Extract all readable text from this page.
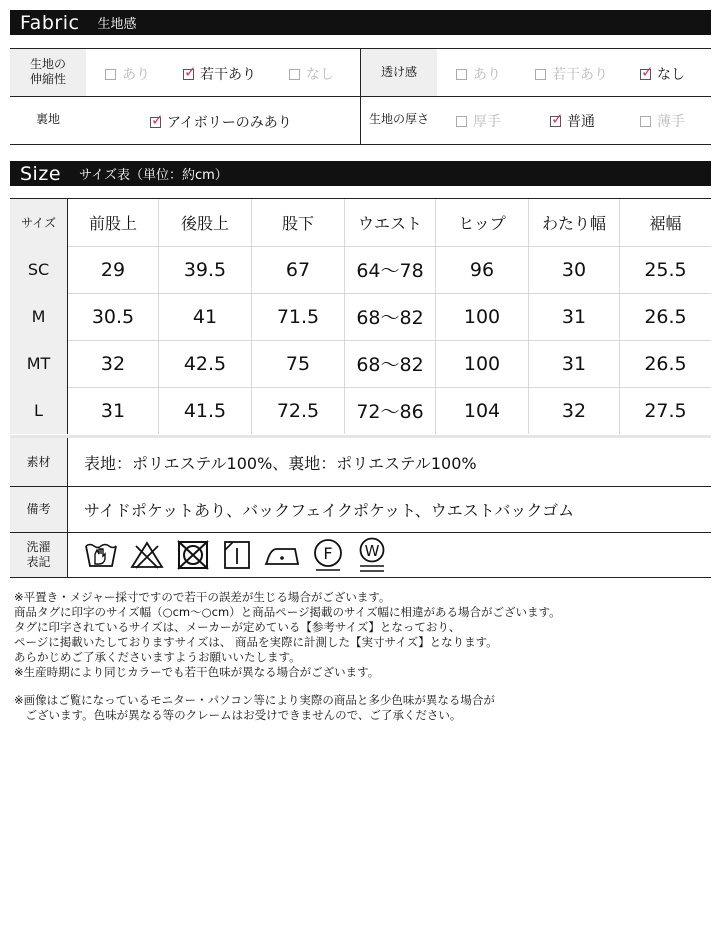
Fabric 生地感
生地の
伸縮性	あり ✓ 若干あり	なし	透け感	あり	若干あり ✓ なし
裏地	✓ アイボリーのみあり	生地の厚さ	厚手	✓ 普通	薄手
Size サイズ表（単位：約cm）
サイズ	前股上	後股上	股下	ウエスト	ヒップ	わたり幅	裾幅
SC	29	39.5	67	64〜78	96	30	25.5
M	30.5	41	71.5	68〜82	100	31	26.5
MT	32	42.5	75	68〜82	100	31	26.5
L	31	41.5	72.5	72〜86	104	32	27.5
素材	表地：ポリエステル100%、裏地：ポリエステル100%
備考	サイドポケットあり、バックフェイクポケット、ウエストバックゴム
洗濯
表記	F W

※平置き・メジャー採寸ですので若干の誤差が生じる場合がございます。

商品タグに印字のサイズ幅（○cm〜○cm）と商品ページ掲載のサイズ幅に相違がある場合がございます。

タグに印字されているサイズは、メーカーが定めている【参考サイズ】となっており、

ページに掲載いたしておりますサイズは、 商品を実際に計測した【実寸サイズ】となります。

あらかじめご了承くださいますようお願いいたします。

※生産時期により同じカラーでも若干色味が異なる場合がございます。

※画像はご覧になっているモニター・パソコン等により実際の商品と多少色味が異なる場合が

　ございます。色味が異なる等のクレームはお受けできませんので、ご了承ください。
